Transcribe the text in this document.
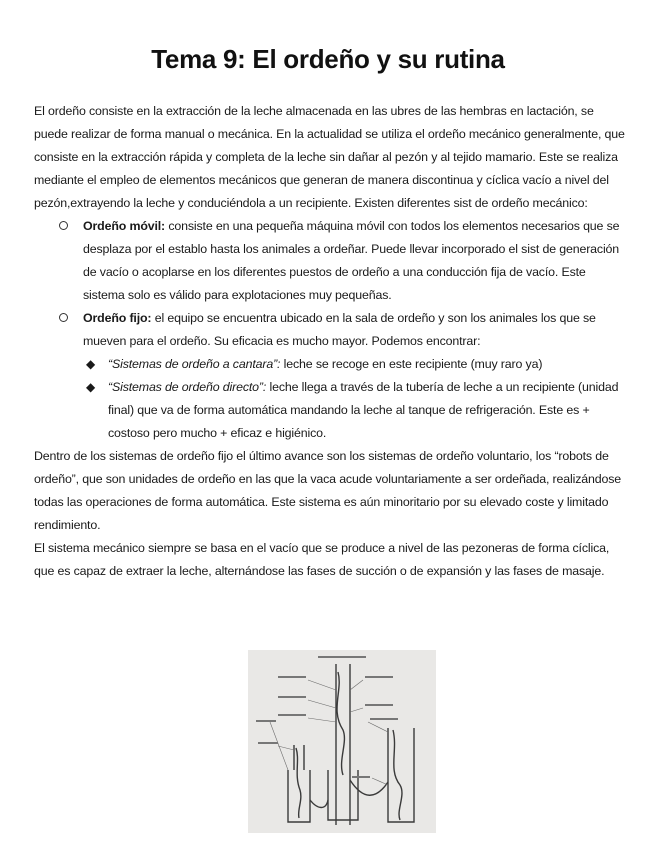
Tema 9: El ordeño y su rutina

El ordeño consiste en la extracción de la leche almacenada en las ubres de las hembras en lactación, se puede realizar de forma manual o mecánica. En la actualidad se utiliza el ordeño mecánico generalmente, que consiste en la extracción rápida y completa de la leche sin dañar al pezón y al tejido mamario. Este se realiza mediante el empleo de elementos mecánicos que generan de manera discontinua y cíclica vacío a nivel del pezón,extrayendo la leche y conduciéndola a un recipiente. Existen diferentes sist de ordeño mecánico:

Ordeño móvil: consiste en una pequeña máquina móvil con todos los elementos necesarios que se desplaza por el establo hasta los animales a ordeñar. Puede llevar incorporado el sist de generación de vacío o acoplarse en los diferentes puestos de ordeño a una conducción fija de vacío. Este sistema solo es válido para explotaciones muy pequeñas.
Ordeño fijo: el equipo se encuentra ubicado en la sala de ordeño y son los animales los que se mueven para el ordeño. Su eficacia es mucho mayor. Podemos encontrar:
◆ “Sistemas de ordeño a cantara”: leche se recoge en este recipiente (muy raro ya)
◆ “Sistemas de ordeño directo”: leche llega a través de la tubería de leche a un recipiente (unidad final) que va de forma automática mandando la leche al tanque de refrigeración. Este es + costoso pero mucho + eficaz e higiénico.

Dentro de los sistemas de ordeño fijo el último avance son los sistemas de ordeño voluntario, los “robots de ordeño”, que son unidades de ordeño en las que la vaca acude voluntariamente a ser ordeñada, realizándose todas las operaciones de forma automática. Este sistema es aún minoritario por su elevado coste y limitado rendimiento.

El sistema mecánico siempre se basa en el vacío que se produce a nivel de las pezoneras de forma cíclica, que es capaz de extraer la leche, alternándose las fases de succión o de expansión y las fases de masaje.
